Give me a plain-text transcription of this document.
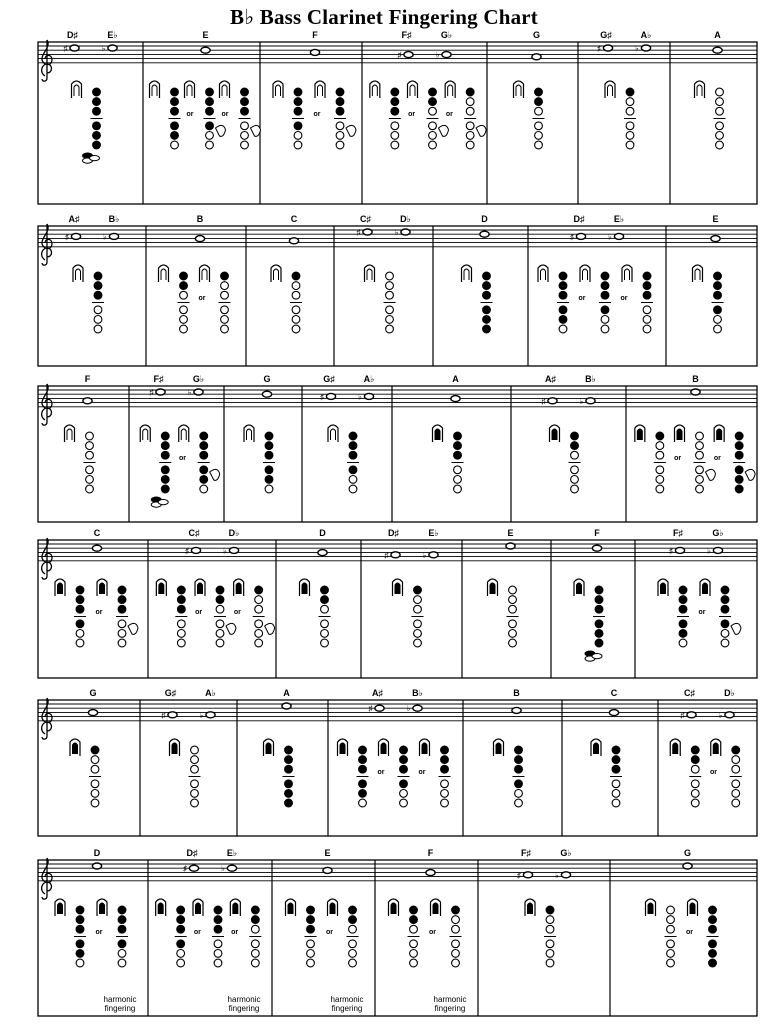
B♭ Bass Clarinet Fingering Chart
D♯	E♭
♯	♭
E
or	or
F
or
F♯	G♭
♯	♭
or	or
G	G♯	A♭
♯	♭
A
A♯	B♭
♯	♭
B
or
C	C♯	D♭
♯	♭
D	D♯	E♭
♯	♭
or	or
E
F	F♯	G♭
♯	♭
or
G	G♯	A♭
♯	♭
A	A♯	B♭
♯	♭
B
or	or
C
or
C♯	D♭
♯	♭
or	or
D	D♯	E♭
♯	♭
E	F	F♯	G♭
♯	♭
or
G	G♯	A♭
♯	♭
A	A♯	B♭
♯	♭
or	or
B	C	C♯	D♭
♯	♭
or
D
or
harmonic
fingering
D♯	E♭
♯	♭
or	or
harmonic
fingering
E
or
harmonic
fingering
F
or
harmonic
fingering
F♯	G♭
♯	♭
G
or
